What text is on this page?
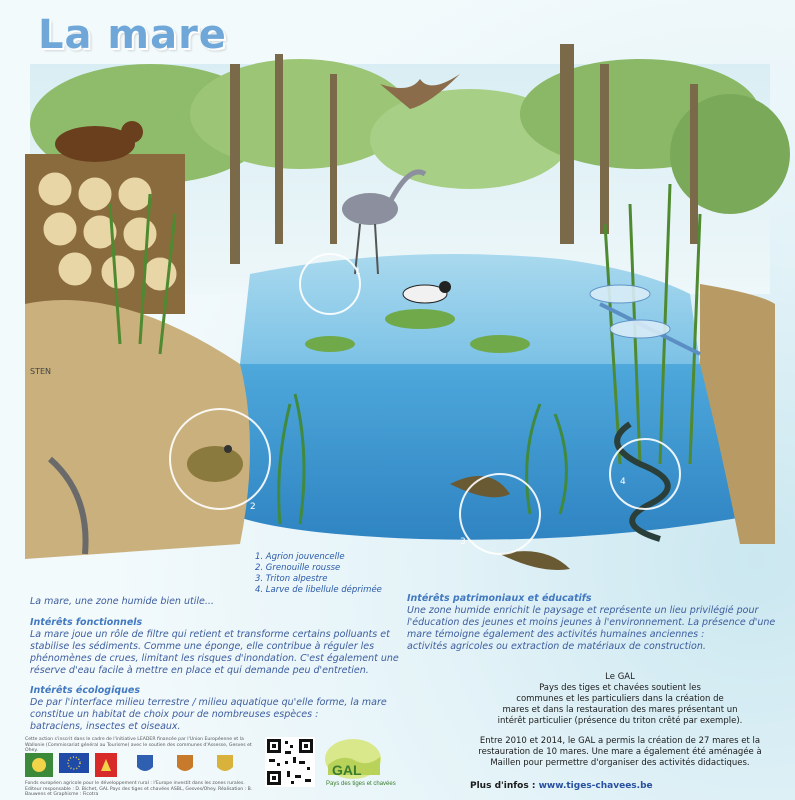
1
2
3
4
STEN
La mare
1. Agrion jouvencelle
2. Grenouille rousse
3. Triton alpestre
4. Larve de libellule déprimée
La mare, une zone humide bien utile...
Intérêts fonctionnels
La mare joue un rôle de filtre qui retient et transforme certains polluants et
stabilise les sédiments. Comme une éponge, elle contribue à réguler les
phénomènes de crues, limitant les risques d'inondation. C'est également une
réserve d'eau facile à mettre en place et qui demande peu d'entretien.
Intérêts écologiques
De par l'interface milieu terrestre / milieu aquatique qu'elle forme, la mare
constitue un habitat de choix pour de nombreuses espèces :
batraciens, insectes et oiseaux.
Intérêts patrimoniaux et éducatifs
Une zone humide enrichit le paysage et représente un lieu privilégié pour
l'éducation des jeunes et moins jeunes à l'environnement. La présence d'une
mare témoigne également des activités humaines anciennes :
activités agricoles ou extraction de matériaux de construction.
Le GAL
Pays des tiges et chavées soutient les
communes et les particuliers dans la création de
mares et dans la restauration des mares présentant un
intérêt particulier (présence du triton crêté par exemple).
Entre 2010 et 2014, le GAL a permis la création de 27 mares et la
restauration de 10 mares. Une mare a également été aménagée à
Maillen pour permettre d'organiser des activités didactiques.
Plus d'infos : www.tiges-chavees.be
Cette action s'inscrit dans le cadre de l'initiative LEADER financée par l'Union Européenne et la Wallonie (Commissariat général au Tourisme) avec le soutien des communes d'Assesse, Gesves et Ohey.
Fonds européen agricole pour le développement rural : l'Europe investit dans les zones rurales. Editeur responsable : D. Bichet, GAL Pays des tiges et chavées ASBL, Gesves/Ohey. Réalisation : B. Bauwens et Graphisme : Ficotra
GAL
Pays des tiges et chavées
